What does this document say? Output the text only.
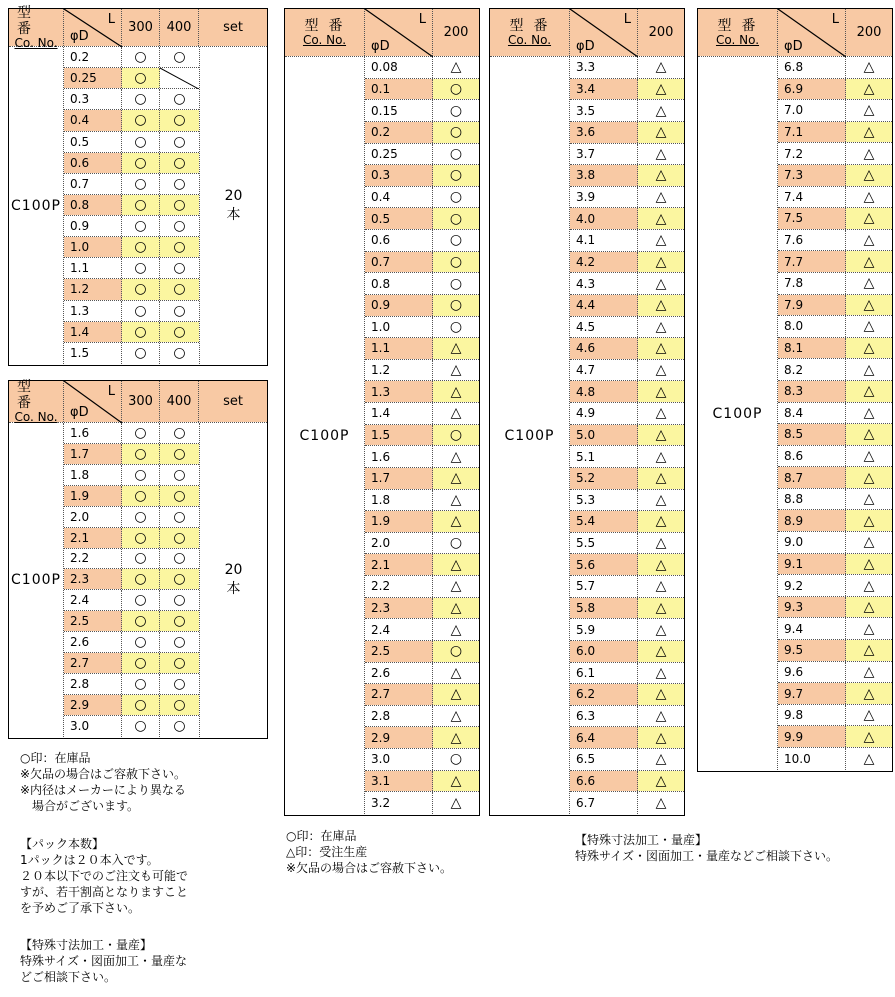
型番
Co. No.
L
φD
300	400	set
C100P
0.2	○	○
0.25	○
0.3	○	○
0.4	○	○
0.5	○	○
0.6	○	○
0.7	○	○
0.8	○	○
0.9	○	○
1.0	○	○
1.1	○	○
1.2	○	○
1.3	○	○
1.4	○	○
1.5	○	○
20
本
型番
Co. No.
L
φD
300	400	set
C100P
1.6	○	○
1.7	○	○
1.8	○	○
1.9	○	○
2.0	○	○
2.1	○	○
2.2	○	○
2.3	○	○
2.4	○	○
2.5	○	○
2.6	○	○
2.7	○	○
2.8	○	○
2.9	○	○
3.0	○	○
20
本
型番
Co. No.
L
φD
200
C100P
0.08	△
0.1	○
0.15	○
0.2	○
0.25	○
0.3	○
0.4	○
0.5	○
0.6	○
0.7	○
0.8	○
0.9	○
1.0	○
1.1	△
1.2	△
1.3	△
1.4	△
1.5	○
1.6	△
1.7	△
1.8	△
1.9	△
2.0	○
2.1	△
2.2	△
2.3	△
2.4	△
2.5	○
2.6	△
2.7	△
2.8	△
2.9	△
3.0	○
3.1	△
3.2	△
型番
Co. No.
L
φD
200
C100P
3.3	△
3.4	△
3.5	△
3.6	△
3.7	△
3.8	△
3.9	△
4.0	△
4.1	△
4.2	△
4.3	△
4.4	△
4.5	△
4.6	△
4.7	△
4.8	△
4.9	△
5.0	△
5.1	△
5.2	△
5.3	△
5.4	△
5.5	△
5.6	△
5.7	△
5.8	△
5.9	△
6.0	△
6.1	△
6.2	△
6.3	△
6.4	△
6.5	△
6.6	△
6.7	△
型番
Co. No.
L
φD
200
C100P
6.8	△
6.9	△
7.0	△
7.1	△
7.2	△
7.3	△
7.4	△
7.5	△
7.6	△
7.7	△
7.8	△
7.9	△
8.0	△
8.1	△
8.2	△
8.3	△
8.4	△
8.5	△
8.6	△
8.7	△
8.8	△
8.9	△
9.0	△
9.1	△
9.2	△
9.3	△
9.4	△
9.5	△
9.6	△
9.7	△
9.8	△
9.9	△
10.0	△
○印：在庫品
※欠品の場合はご容赦下さい。
※内径はメーカーにより異なる
　場合がございます。
【パック本数】
1パックは２０本入です。
２０本以下でのご注文も可能で
すが、若干割高となりますこと
を予めご了承下さい。
【特殊寸法加工・量産】
特殊サイズ・図面加工・量産な
どご相談下さい。
○印：在庫品
△印：受注生産
※欠品の場合はご容赦下さい。
【特殊寸法加工・量産】
特殊サイズ・図面加工・量産などご相談下さい。
